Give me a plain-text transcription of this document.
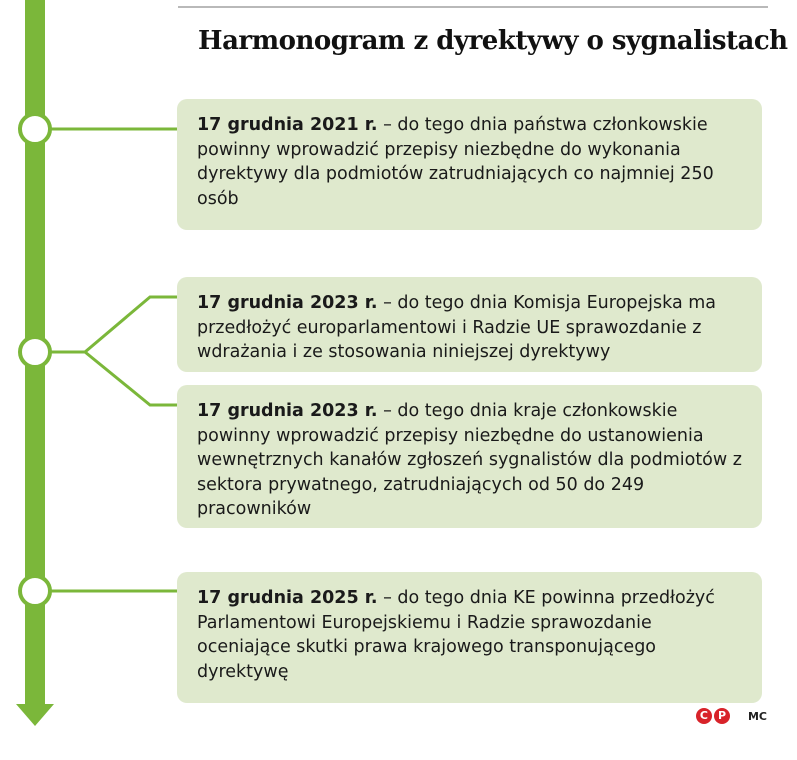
Harmonogram z dyrektywy o sygnalistach
17 grudnia 2021 r. – do tego dnia państwa członkowskie powinny wprowadzić przepisy niezbędne do wykonania dyrektywy dla podmiotów zatrudniających co najmniej 250 osób
17 grudnia 2023 r. – do tego dnia Komisja Europejska ma przedłożyć europarlamentowi i Radzie UE sprawozdanie z wdrażania i ze stosowania niniejszej dyrektywy
17 grudnia 2023 r. – do tego dnia kraje członkowskie powinny wprowadzić przepisy niezbędne do ustanowienia wewnętrznych kanałów zgłoszeń sygnalistów dla podmiotów z sektora prywatnego, zatrudniających od 50 do 249 pracowników
17 grudnia 2025 r. – do tego dnia KE powinna przedłożyć Parlamentowi Europejskiemu i Radzie sprawozdanie oceniające skutki prawa krajowego transponującego dyrektywę
C P	MC
